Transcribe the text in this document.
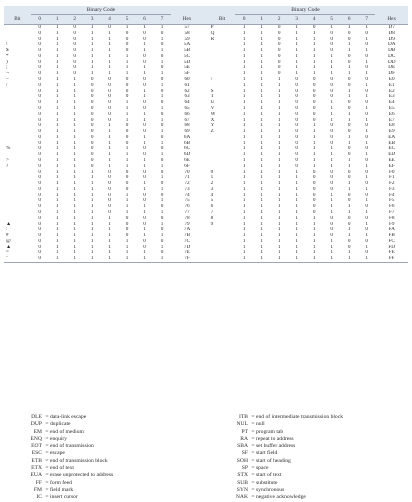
	Binary Code											Binary Code								
Bit	0	1	2	3	4	5	6	7	Hex		Bit	0	1	2	3	4	5	6	7	Hex
	0	1	0	1	0	1	1	1	57		P	1	1	0	1	0	1	1	1	D7
	0	1	0	1	1	0	0	0	58		Q	1	1	0	1	1	0	0	0	D8
	0	1	0	1	1	0	0	1	59		R	1	1	0	1	1	0	0	1	D9
!	0	1	0	1	1	0	1	0	5A			1	1	0	1	1	0	1	0	DA
$	0	1	0	1	1	0	1	1	5B			1	1	0	1	1	0	1	1	DB
*	0	1	0	1	1	1	0	0	5C			1	1	0	1	1	1	0	0	DC
)	0	1	0	1	1	1	0	1	5D			1	1	0	1	1	1	0	1	DD
;	0	1	0	1	1	1	1	0	5E			1	1	0	1	1	1	1	0	DE
¬	0	1	0	1	1	1	1	1	5F			1	1	0	1	1	1	1	1	DF
–	0	1	1	0	0	0	0	0	60		\	1	1	1	0	0	0	0	0	E0
/	0	1	1	0	0	0	0	1	61			1	1	1	0	0	0	0	1	E1
	0	1	1	0	0	0	1	0	62		S	1	1	1	0	0	0	1	0	E2
	0	1	1	0	0	0	1	1	63		T	1	1	1	0	0	0	1	1	E3
	0	1	1	0	0	1	0	0	64		U	1	1	1	0	0	1	0	0	E4
	0	1	1	0	0	1	0	1	65		V	1	1	1	0	0	1	0	1	E5
	0	1	1	0	0	1	1	0	66		W	1	1	1	0	0	1	1	0	E6
	0	1	1	0	0	1	1	1	67		X	1	1	1	0	0	1	1	1	E7
	0	1	1	0	1	0	0	0	68		Y	1	1	1	0	1	0	0	0	E8
	0	1	1	0	1	0	0	1	69		Z	1	1	1	0	1	0	0	1	E9
	0	1	1	0	1	0	1	0	6A			1	1	1	0	1	0	1	0	EA
	0	1	1	0	1	0	1	1	6B			1	1	1	0	1	0	1	1	EB
%	0	1	1	0	1	1	0	0	6C			1	1	1	0	1	1	0	0	EC
	0	1	1	0	1	1	0	1	6D			1	1	1	0	1	1	0	1	ED
>	0	1	1	0	1	1	1	0	6E			1	1	1	0	1	1	1	0	EE
?	0	1	1	0	1	1	1	1	6F			1	1	1	0	1	1	1	1	EF
	0	1	1	1	0	0	0	0	70		0	1	1	1	1	0	0	0	0	F0
	0	1	1	1	0	0	0	1	71		1	1	1	1	1	0	0	0	1	F1
	0	1	1	1	0	0	1	0	72		2	1	1	1	1	0	0	1	0	F2
	0	1	1	1	0	0	1	1	73		3	1	1	1	1	0	0	1	1	F3
	0	1	1	1	0	1	0	0	74		4	1	1	1	1	0	1	0	0	F4
	0	1	1	1	0	1	0	1	75		5	1	1	1	1	0	1	0	1	F5
	0	1	1	1	0	1	1	0	76		6	1	1	1	1	0	1	1	0	F6
	0	1	1	1	0	1	1	1	77		7	1	1	1	1	0	1	1	1	F7
	0	1	1	1	1	0	0	0	78		8	1	1	1	1	1	0	0	0	F8
▲	0	1	1	1	1	0	0	1	79		9	1	1	1	1	1	0	0	1	F9
:	0	1	1	1	1	0	1	0	7A			1	1	1	1	1	0	1	0	FA
#	0	1	1	1	1	0	1	1	7B			1	1	1	1	1	0	1	1	FB
@	0	1	1	1	1	1	0	0	7C			1	1	1	1	1	1	0	0	FC
▲	0	1	1	1	1	1	0	1	7D			1	1	1	1	1	1	0	1	FD
=	0	1	1	1	1	1	1	0	7E			1	1	1	1	1	1	1	0	FE
"	0	1	1	1	1	1	1	1	7F			1	1	1	1	1	1	1	1	FF
DLE = data-link escape
DUP = duplicate
EM = end of medium
ENQ = enquiry
EOT = end of transmission
ESC = escape
ETB = end of transmission block
ETX = end of text
EUA = erase unprotected to address
FF = form feed
FM = field mark
IC = insert cursor
ITB = end of intermediate transmission block
NUL = null
PT = program tab
RA = repeat to address
SBA = set buffer address
SF = start field
SOH = start of heading
SP = space
STX = start of text
SUB = substitute
SYN = synchronous
NAK = negative acknowledge
